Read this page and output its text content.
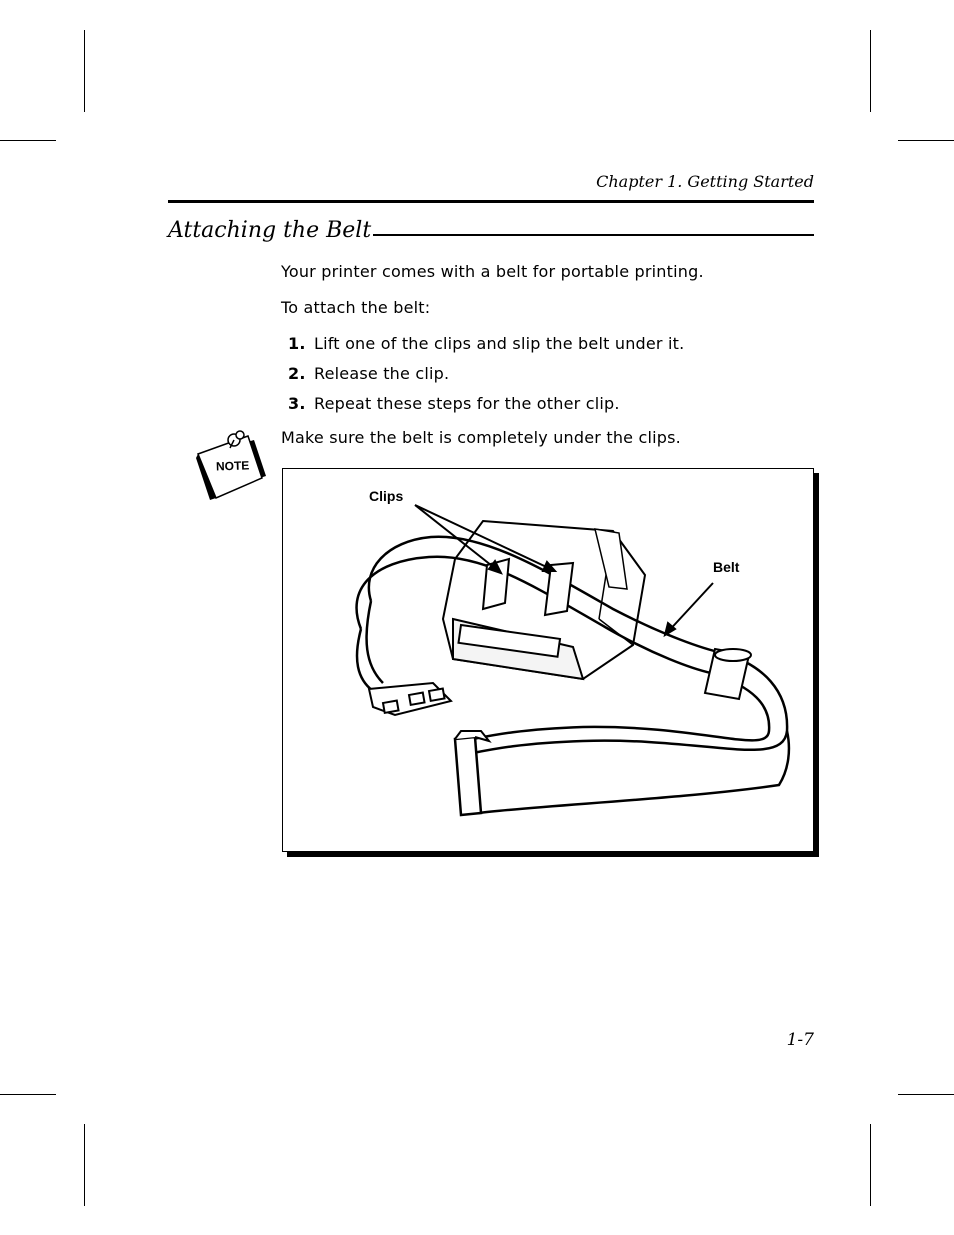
Chapter 1. Getting Started
Attaching the Belt
Your printer comes with a belt for portable printing.
To attach the belt:
1. Lift one of the clips and slip the belt under it.
2. Release the clip.
3. Repeat these steps for the other clip.
NOTE
Make sure the belt is completely under the clips.
Clips
Belt
1-7
